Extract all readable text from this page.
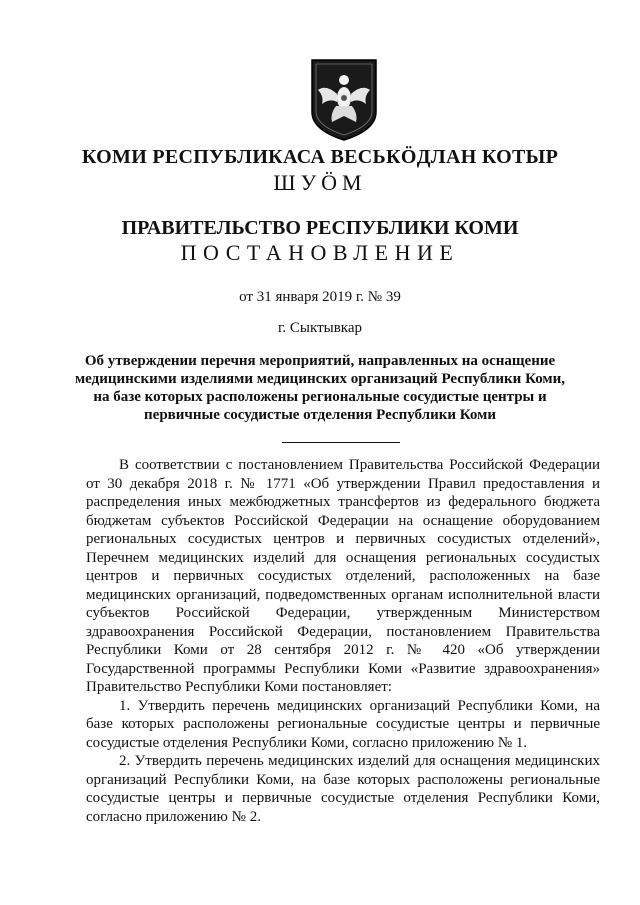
КОМИ РЕСПУБЛИКАСА ВЕСЬКӦДЛАН КОТЫР
ШУӦМ
ПРАВИТЕЛЬСТВО РЕСПУБЛИКИ КОМИ
ПОСТАНОВЛЕНИЕ
от 31 января 2019 г. № 39
г. Сыктывкар
Об утверждении перечня мероприятий, направленных на оснащение
медицинскими изделиями медицинских организаций Республики Коми,
на базе которых расположены региональные сосудистые центры и
первичные сосудистые отделения Республики Коми

В соответствии с постановлением Правительства Российской Федерации от 30 декабря 2018 г. № 1771 «Об утверждении Правил предоставления и распределения иных межбюджетных трансфертов из федерального бюджета бюджетам субъектов Российской Федерации на оснащение оборудованием региональных сосудистых центров и первичных сосудистых отделений», Перечнем медицинских изделий для оснащения региональных сосудистых центров и первичных сосудистых отделений, расположенных на базе медицинских организаций, подведомственных органам исполнительной власти субъектов Российской Федерации, утвержденным Министерством здравоохранения Российской Федерации, постановлением Правительства Республики Коми от 28 сентября 2012 г. № 420 «Об утверждении Государственной программы Республики Коми «Развитие здравоохранения» Правительство Республики Коми постановляет:

1. Утвердить перечень медицинских организаций Республики Коми, на базе которых расположены региональные сосудистые центры и первичные сосудистые отделения Республики Коми, согласно приложению № 1.

2. Утвердить перечень медицинских изделий для оснащения медицинских организаций Республики Коми, на базе которых расположены региональные сосудистые центры и первичные сосудистые отделения Республики Коми, согласно приложению № 2.
